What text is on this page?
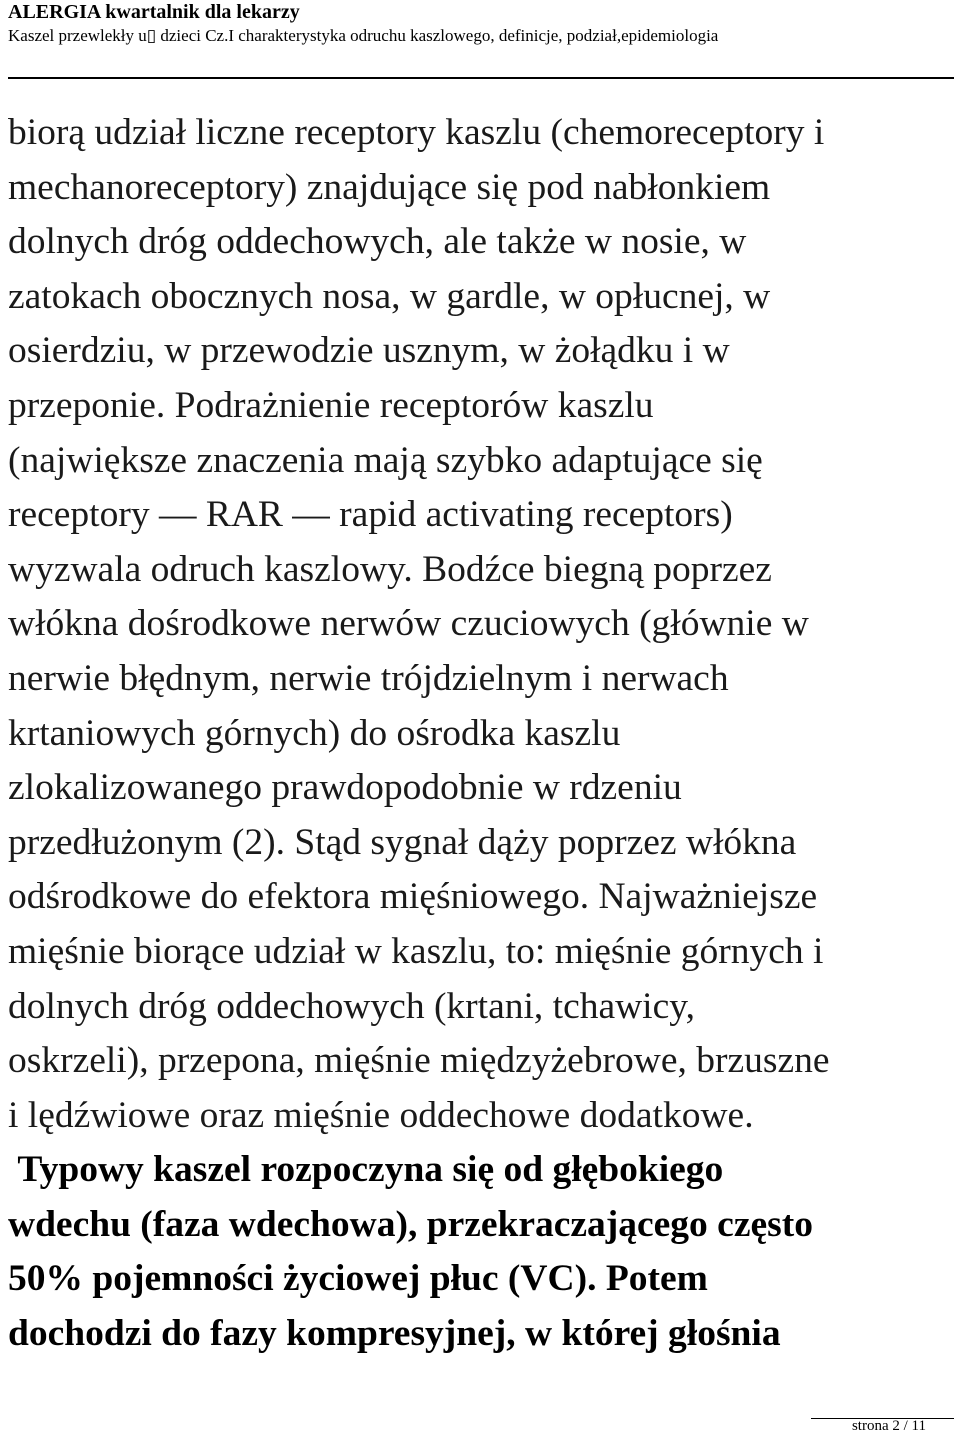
ALERGIA kwartalnik dla lekarzy
Kaszel przewlekły u▯ dzieci Cz.I charakterystyka odruchu kaszlowego, definicje, podział,epidemiologia
biorą udział liczne receptory kaszlu (chemoreceptory i
mechanoreceptory) znajdujące się pod nabłonkiem
dolnych dróg oddechowych, ale także w nosie, w
zatokach obocznych nosa, w gardle, w opłucnej, w
osierdziu, w przewodzie usznym, w żołądku i w
przeponie. Podrażnienie receptorów kaszlu
(największe znaczenia mają szybko adaptujące się
receptory — RAR — rapid activating receptors)
wyzwala odruch kaszlowy. Bodźce biegną poprzez
włókna dośrodkowe nerwów czuciowych (głównie w
nerwie błędnym, nerwie trójdzielnym i nerwach
krtaniowych górnych) do ośrodka kaszlu
zlokalizowanego prawdopodobnie w rdzeniu
przedłużonym (2). Stąd sygnał dąży poprzez włókna
odśrodkowe do efektora mięśniowego. Najważniejsze
mięśnie biorące udział w kaszlu, to: mięśnie górnych i
dolnych dróg oddechowych (krtani, tchawicy,
oskrzeli), przepona, mięśnie międzyżebrowe, brzuszne
i lędźwiowe oraz mięśnie oddechowe dodatkowe.
Typowy kaszel rozpoczyna się od głębokiego
wdechu (faza wdechowa), przekraczającego często
50% pojemności życiowej płuc (VC). Potem
dochodzi do fazy kompresyjnej, w której głośnia
strona 2 / 11
